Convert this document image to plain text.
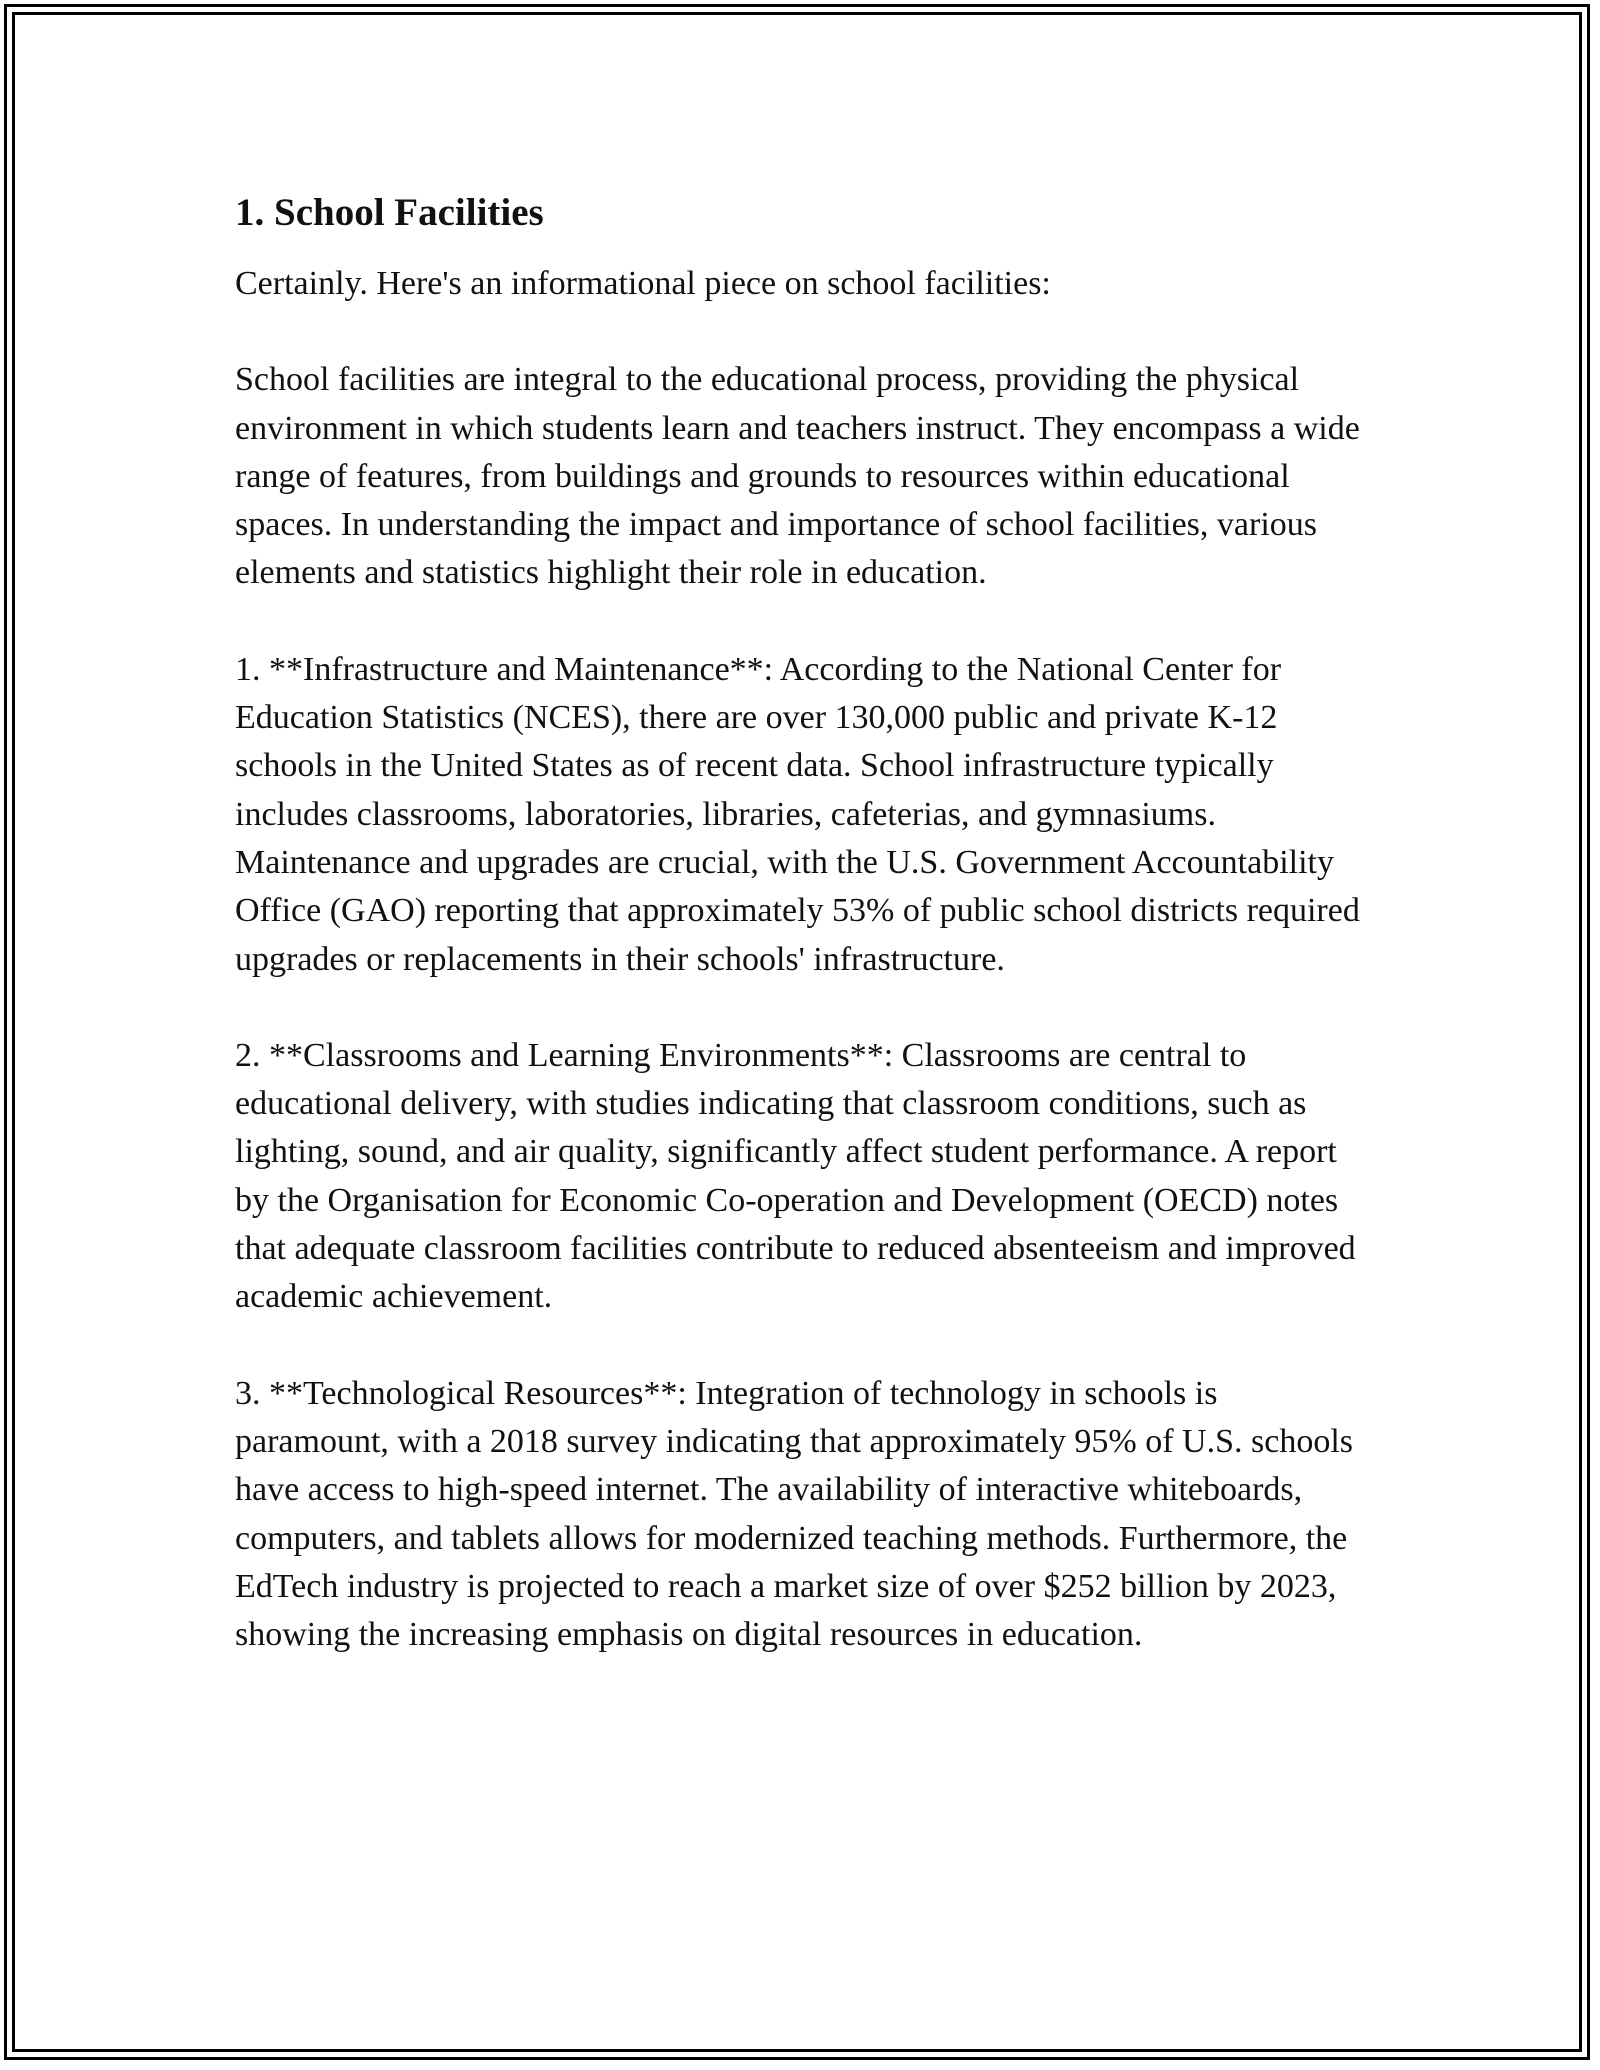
1. School Facilities

Certainly. Here's an informational piece on school facilities:

School facilities are integral to the educational process, providing the physical environment in which students learn and teachers instruct. They encompass a wide range of features, from buildings and grounds to resources within educational spaces. In understanding the impact and importance of school facilities, various elements and statistics highlight their role in education.

1. **Infrastructure and Maintenance**: According to the National Center for Education Statistics (NCES), there are over 130,000 public and private K-12 schools in the United States as of recent data. School infrastructure typically includes classrooms, laboratories, libraries, cafeterias, and gymnasiums. Maintenance and upgrades are crucial, with the U.S. Government Accountability Office (GAO) reporting that approximately 53% of public school districts required upgrades or replacements in their schools' infrastructure.

2. **Classrooms and Learning Environments**: Classrooms are central to educational delivery, with studies indicating that classroom conditions, such as lighting, sound, and air quality, significantly affect student performance. A report by the Organisation for Economic Co-operation and Development (OECD) notes that adequate classroom facilities contribute to reduced absenteeism and improved academic achievement.

3. **Technological Resources**: Integration of technology in schools is paramount, with a 2018 survey indicating that approximately 95% of U.S. schools have access to high-speed internet. The availability of interactive whiteboards, computers, and tablets allows for modernized teaching methods. Furthermore, the EdTech industry is projected to reach a market size of over $252 billion by 2023, showing the increasing emphasis on digital resources in education.
